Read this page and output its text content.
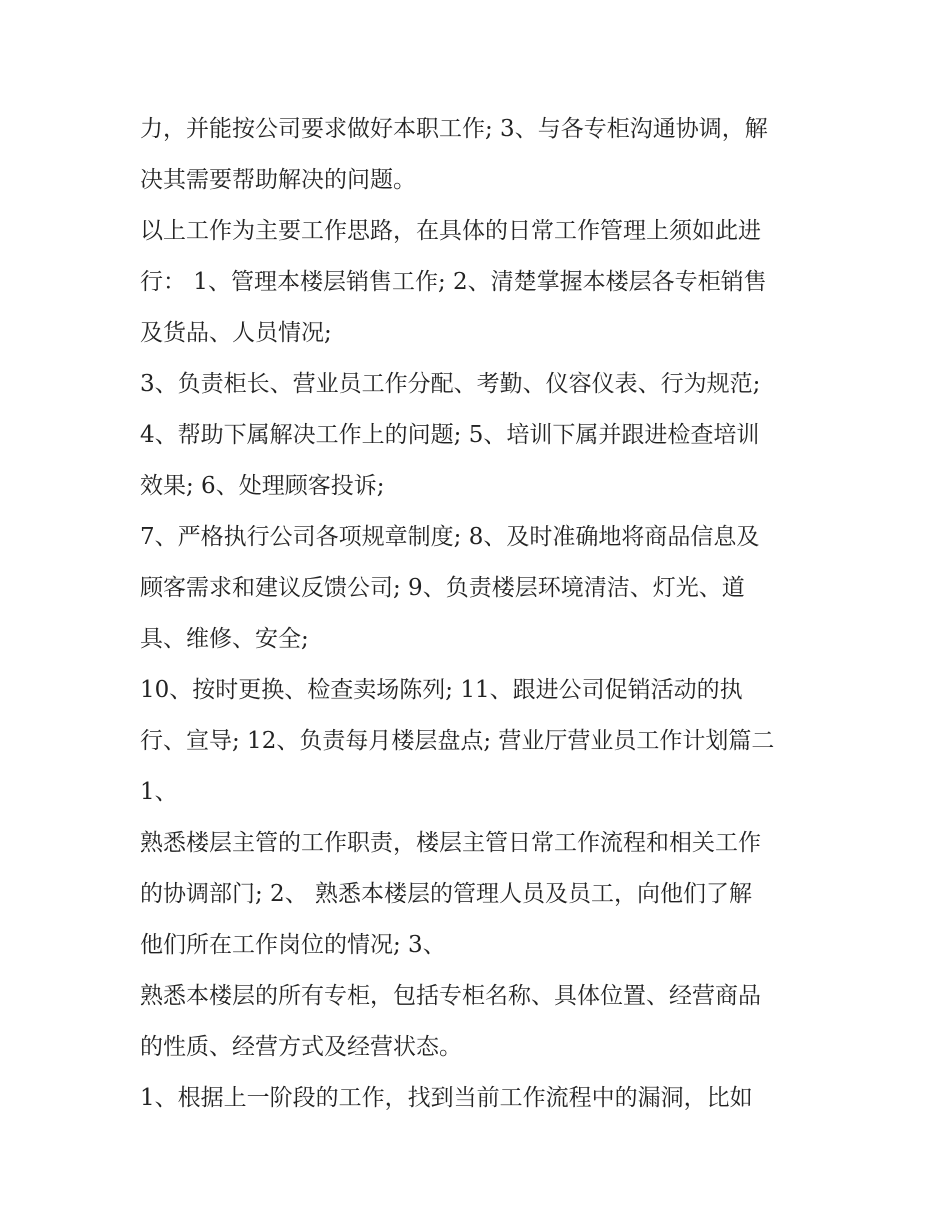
力，并能按公司要求做好本职工作; 3、与各专柜沟通协调，解
决其需要帮助解决的问题。
以上工作为主要工作思路，在具体的日常工作管理上须如此进
行： 1、管理本楼层销售工作; 2、清楚掌握本楼层各专柜销售
及货品、人员情况;
3、负责柜长、营业员工作分配、考勤、仪容仪表、行为规范;
4、帮助下属解决工作上的问题; 5、培训下属并跟进检查培训
效果; 6、处理顾客投诉;
7、严格执行公司各项规章制度; 8、及时准确地将商品信息及
顾客需求和建议反馈公司; 9、负责楼层环境清洁、灯光、道
具、维修、安全;
10、按时更换、检查卖场陈列; 11、跟进公司促销活动的执
行、宣导; 12、负责每月楼层盘点; 营业厅营业员工作计划篇二
1、
熟悉楼层主管的工作职责，楼层主管日常工作流程和相关工作
的协调部门; 2、 熟悉本楼层的管理人员及员工，向他们了解
他们所在工作岗位的情况; 3、
熟悉本楼层的所有专柜，包括专柜名称、具体位置、经营商品
的性质、经营方式及经营状态。
1、根据上一阶段的工作，找到当前工作流程中的漏洞，比如
